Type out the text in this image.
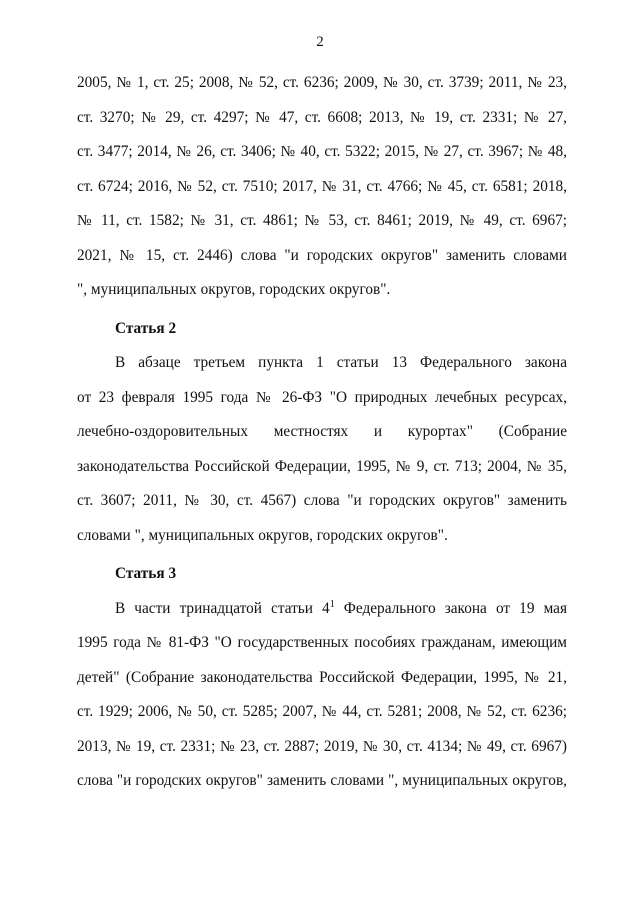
2
2005, № 1, ст. 25; 2008, № 52, ст. 6236; 2009, № 30, ст. 3739; 2011, № 23,
ст. 3270; № 29, ст. 4297; № 47, ст. 6608; 2013, № 19, ст. 2331; № 27,
ст. 3477; 2014, № 26, ст. 3406; № 40, ст. 5322; 2015, № 27, ст. 3967; № 48,
ст. 6724; 2016, № 52, ст. 7510; 2017, № 31, ст. 4766; № 45, ст. 6581; 2018,
№ 11, ст. 1582; № 31, ст. 4861; № 53, ст. 8461; 2019, № 49, ст. 6967;
2021, № 15, ст. 2446) слова "и городских округов" заменить словами
", муниципальных округов, городских округов".
Статья 2
В абзаце третьем пункта 1 статьи 13 Федерального закона
от 23 февраля 1995 года № 26-ФЗ "О природных лечебных ресурсах,
лечебно-оздоровительных местностях и курортах" (Собрание
законодательства Российской Федерации, 1995, № 9, ст. 713; 2004, № 35,
ст. 3607; 2011, № 30, ст. 4567) слова "и городских округов" заменить
словами ", муниципальных округов, городских округов".
Статья 3
В части тринадцатой статьи $4^1$ Федерального закона от 19 мая
1995 года № 81-ФЗ "О государственных пособиях гражданам, имеющим
детей" (Собрание законодательства Российской Федерации, 1995, № 21,
ст. 1929; 2006, № 50, ст. 5285; 2007, № 44, ст. 5281; 2008, № 52, ст. 6236;
2013, № 19, ст. 2331; № 23, ст. 2887; 2019, № 30, ст. 4134; № 49, ст. 6967)
слова "и городских округов" заменить словами ", муниципальных округов,
